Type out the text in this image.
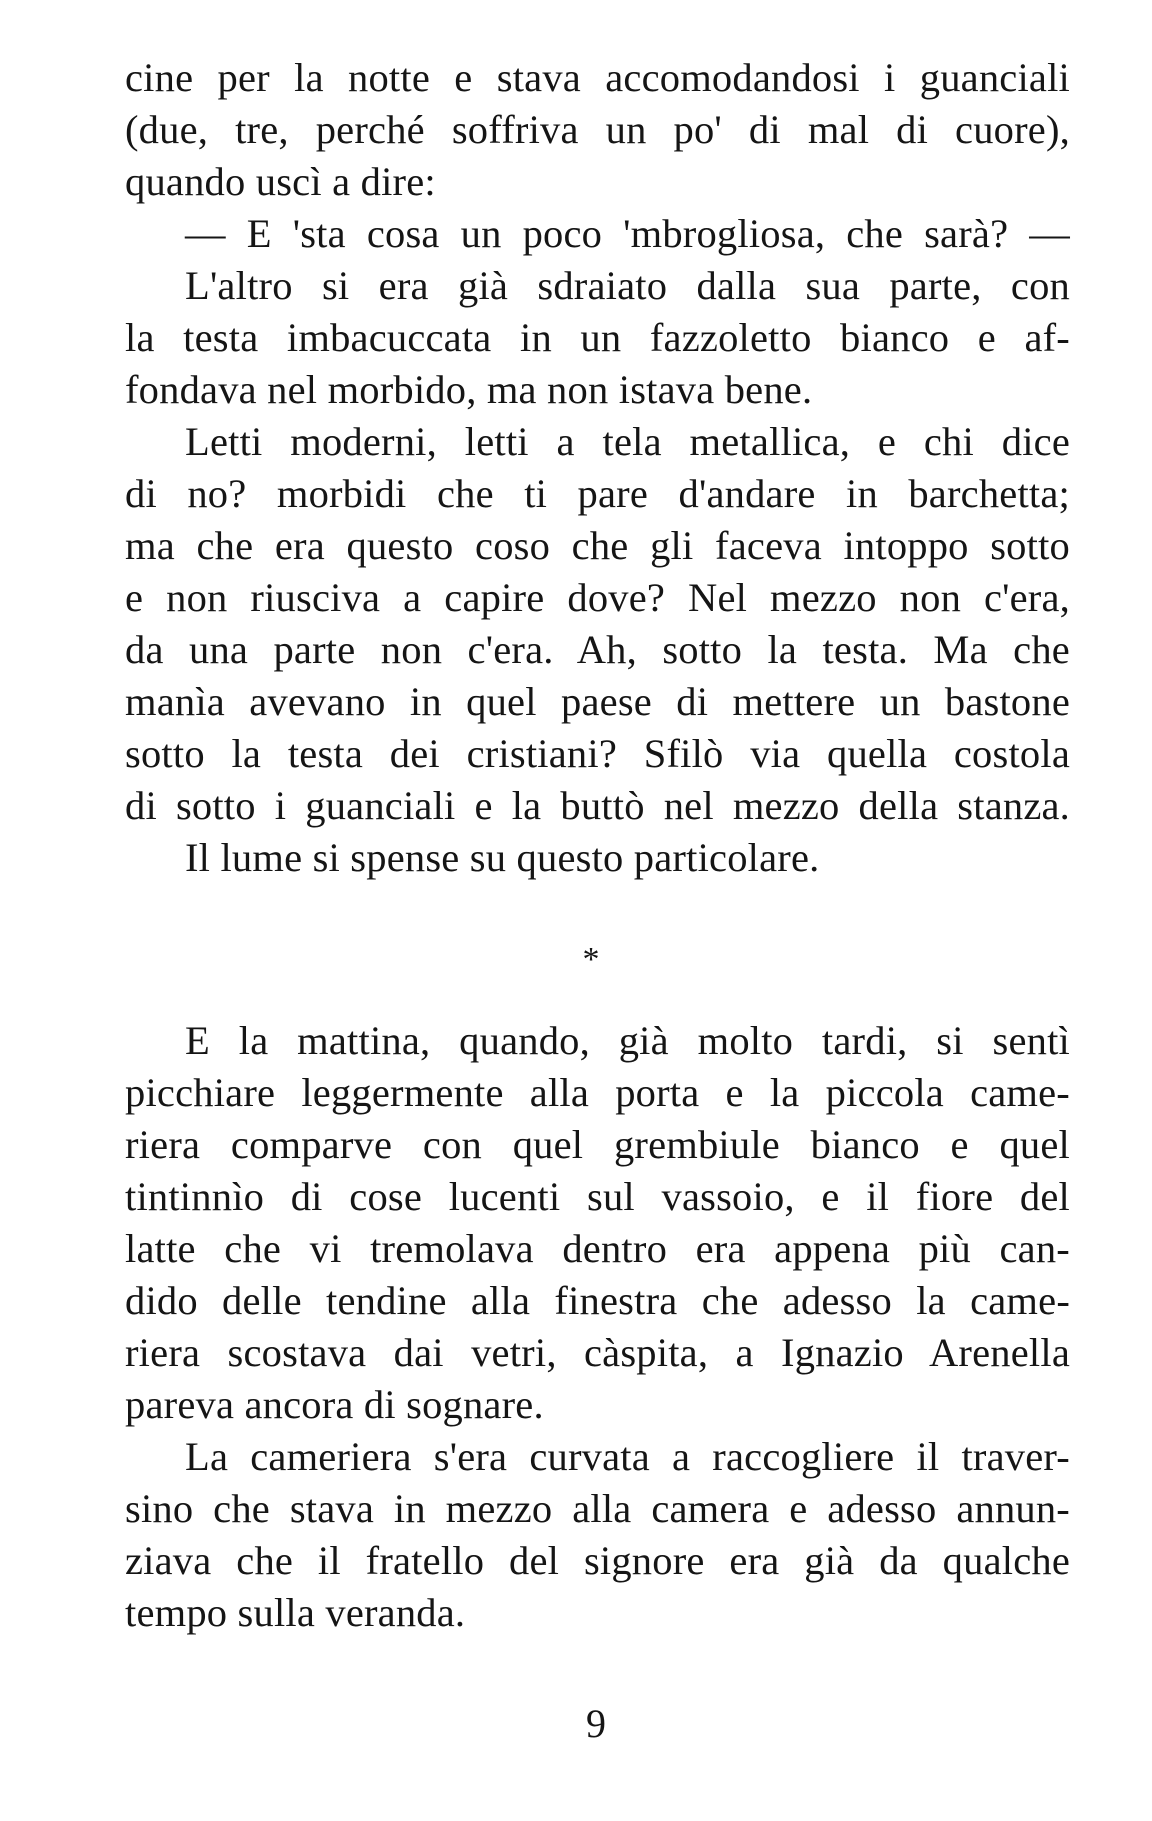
cine per la notte e stava accomodandosi i guanciali
(due, tre, perché soffriva un po' di mal di cuore),
quando uscì a dire:
— E 'sta cosa un poco 'mbrogliosa, che sarà? —
L'altro si era già sdraiato dalla sua parte, con
la testa imbacuccata in un fazzoletto bianco e af-
fondava nel morbido, ma non istava bene.
Letti moderni, letti a tela metallica, e chi dice
di no? morbidi che ti pare d'andare in barchetta;
ma che era questo coso che gli faceva intoppo sotto
e non riusciva a capire dove? Nel mezzo non c'era,
da una parte non c'era. Ah, sotto la testa. Ma che
manìa avevano in quel paese di mettere un bastone
sotto la testa dei cristiani? Sfilò via quella costola
di sotto i guanciali e la buttò nel mezzo della stanza.
Il lume si spense su questo particolare.
*
E la mattina, quando, già molto tardi, si sentì
picchiare leggermente alla porta e la piccola came-
riera comparve con quel grembiule bianco e quel
tintinnìo di cose lucenti sul vassoio, e il fiore del
latte che vi tremolava dentro era appena più can-
dido delle tendine alla finestra che adesso la came-
riera scostava dai vetri, càspita, a Ignazio Arenella
pareva ancora di sognare.
La cameriera s'era curvata a raccogliere il traver-
sino che stava in mezzo alla camera e adesso annun-
ziava che il fratello del signore era già da qualche
tempo sulla veranda.
9
